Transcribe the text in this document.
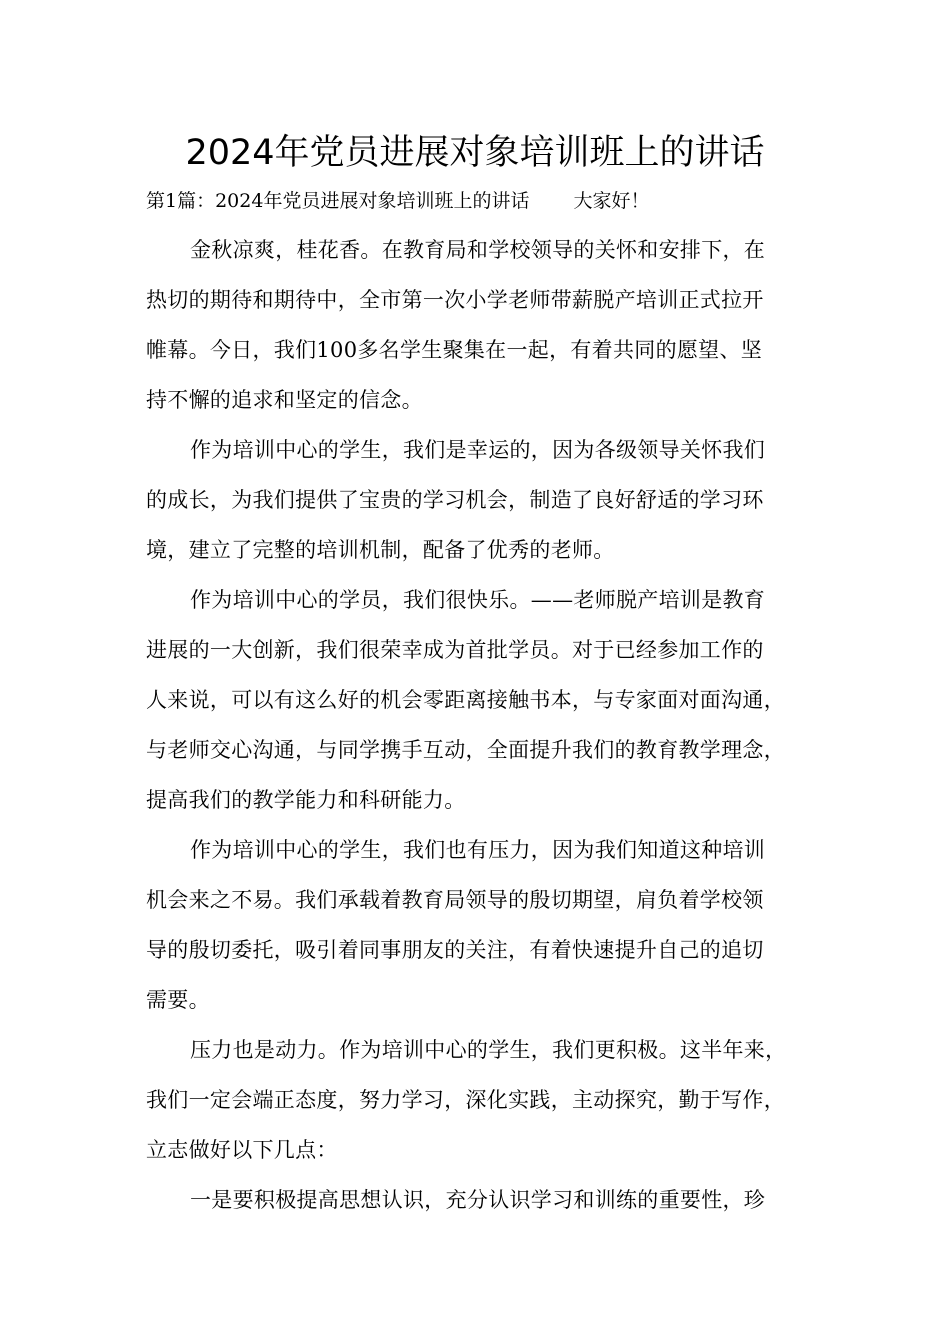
2024年党员进展对象培训班上的讲话
第1篇：2024年党员进展对象培训班上的讲话 大家好！
金秋凉爽，桂花香。在教育局和学校领导的关怀和安排下，在
热切的期待和期待中，全市第一次小学老师带薪脱产培训正式拉开
帷幕。今日，我们100多名学生聚集在一起，有着共同的愿望、坚
持不懈的追求和坚定的信念。
作为培训中心的学生，我们是幸运的，因为各级领导关怀我们
的成长，为我们提供了宝贵的学习机会，制造了良好舒适的学习环
境，建立了完整的培训机制，配备了优秀的老师。
作为培训中心的学员，我们很快乐。——老师脱产培训是教育
进展的一大创新，我们很荣幸成为首批学员。对于已经参加工作的
人来说，可以有这么好的机会零距离接触书本，与专家面对面沟通，
与老师交心沟通，与同学携手互动，全面提升我们的教育教学理念，
提高我们的教学能力和科研能力。
作为培训中心的学生，我们也有压力，因为我们知道这种培训
机会来之不易。我们承载着教育局领导的殷切期望，肩负着学校领
导的殷切委托，吸引着同事朋友的关注，有着快速提升自己的追切
需要。
压力也是动力。作为培训中心的学生，我们更积极。这半年来，
我们一定会端正态度，努力学习，深化实践，主动探究，勤于写作，
立志做好以下几点：
一是要积极提高思想认识，充分认识学习和训练的重要性，珍
